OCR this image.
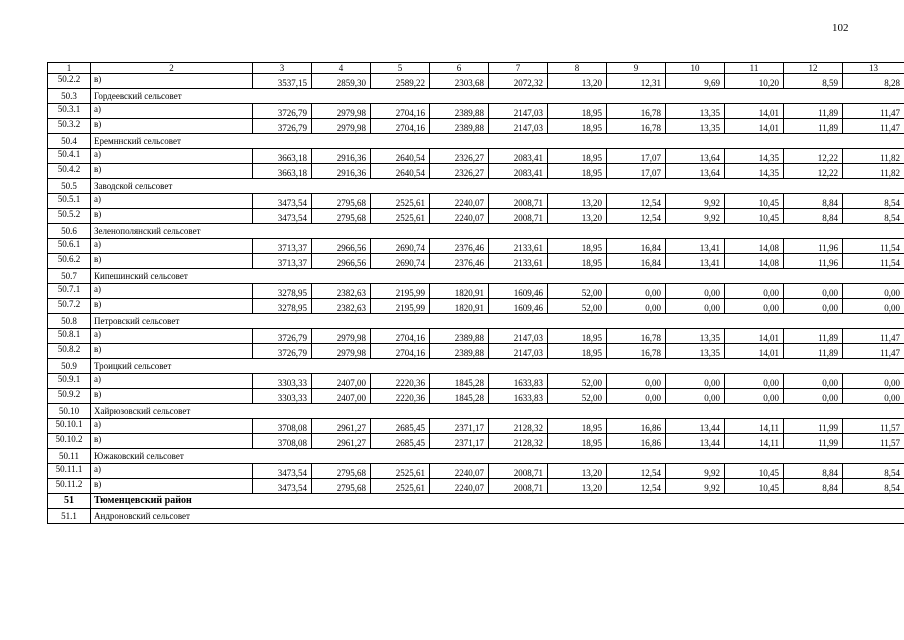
102
1	2	3	4	5	6	7	8	9	10	11	12	13
50.2.2	в)	3537,15	2859,30	2589,22	2303,68	2072,32	13,20	12,31	9,69	10,20	8,59	8,28
50.3	Гордеевский сельсовет											
50.3.1	а)	3726,79	2979,98	2704,16	2389,88	2147,03	18,95	16,78	13,35	14,01	11,89	11,47
50.3.2	в)	3726,79	2979,98	2704,16	2389,88	2147,03	18,95	16,78	13,35	14,01	11,89	11,47
50.4	Еремннский сельсовет											
50.4.1	а)	3663,18	2916,36	2640,54	2326,27	2083,41	18,95	17,07	13,64	14,35	12,22	11,82
50.4.2	в)	3663,18	2916,36	2640,54	2326,27	2083,41	18,95	17,07	13,64	14,35	12,22	11,82
50.5	Заводской сельсовет											
50.5.1	а)	3473,54	2795,68	2525,61	2240,07	2008,71	13,20	12,54	9,92	10,45	8,84	8,54
50.5.2	в)	3473,54	2795,68	2525,61	2240,07	2008,71	13,20	12,54	9,92	10,45	8,84	8,54
50.6	Зеленополянский сельсовет											
50.6.1	а)	3713,37	2966,56	2690,74	2376,46	2133,61	18,95	16,84	13,41	14,08	11,96	11,54
50.6.2	в)	3713,37	2966,56	2690,74	2376,46	2133,61	18,95	16,84	13,41	14,08	11,96	11,54
50.7	Кипешинский сельсовет											
50.7.1	а)	3278,95	2382,63	2195,99	1820,91	1609,46	52,00	0,00	0,00	0,00	0,00	0,00
50.7.2	в)	3278,95	2382,63	2195,99	1820,91	1609,46	52,00	0,00	0,00	0,00	0,00	0,00
50.8	Петровский сельсовет											
50.8.1	а)	3726,79	2979,98	2704,16	2389,88	2147,03	18,95	16,78	13,35	14,01	11,89	11,47
50.8.2	в)	3726,79	2979,98	2704,16	2389,88	2147,03	18,95	16,78	13,35	14,01	11,89	11,47
50.9	Троицкий сельсовет											
50.9.1	а)	3303,33	2407,00	2220,36	1845,28	1633,83	52,00	0,00	0,00	0,00	0,00	0,00
50.9.2	в)	3303,33	2407,00	2220,36	1845,28	1633,83	52,00	0,00	0,00	0,00	0,00	0,00
50.10	Хайрюзовский сельсовет											
50.10.1	а)	3708,08	2961,27	2685,45	2371,17	2128,32	18,95	16,86	13,44	14,11	11,99	11,57
50.10.2	в)	3708,08	2961,27	2685,45	2371,17	2128,32	18,95	16,86	13,44	14,11	11,99	11,57
50.11	Южаковский сельсовет											
50.11.1	а)	3473,54	2795,68	2525,61	2240,07	2008,71	13,20	12,54	9,92	10,45	8,84	8,54
50.11.2	в)	3473,54	2795,68	2525,61	2240,07	2008,71	13,20	12,54	9,92	10,45	8,84	8,54
51	Тюменцевский район											
51.1	Андроновский сельсовет											
